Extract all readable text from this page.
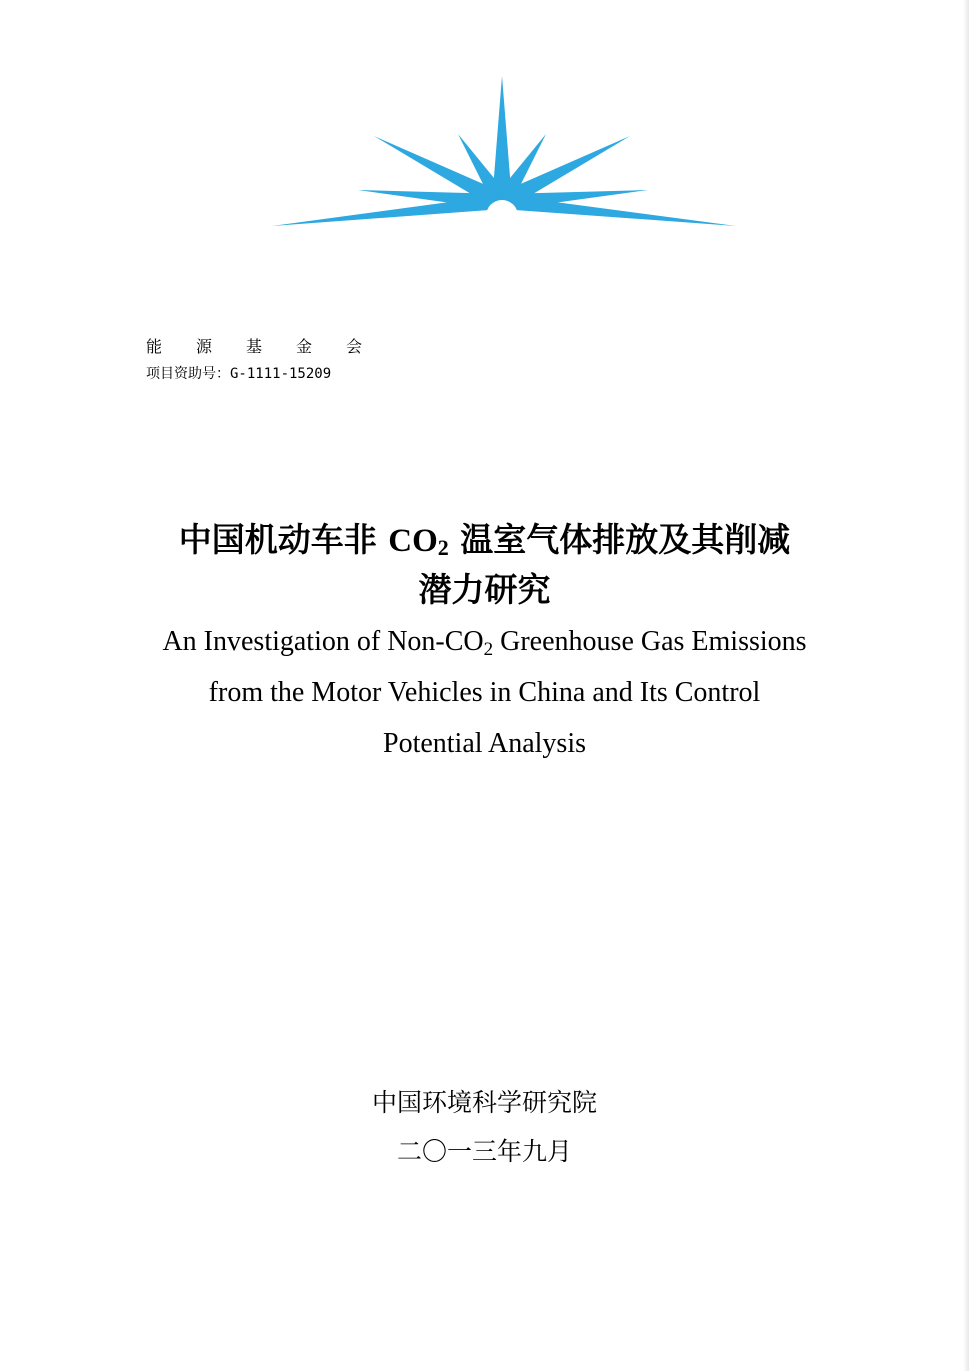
能源基金会
项目资助号：G-1111-15209
中国机动车非 CO2 温室气体排放及其削减
潜力研究
An Investigation of Non-$CO_2$ Greenhouse Gas Emissions
from the Motor Vehicles in China and Its Control
Potential Analysis
中国环境科学研究院
二〇一三年九月
